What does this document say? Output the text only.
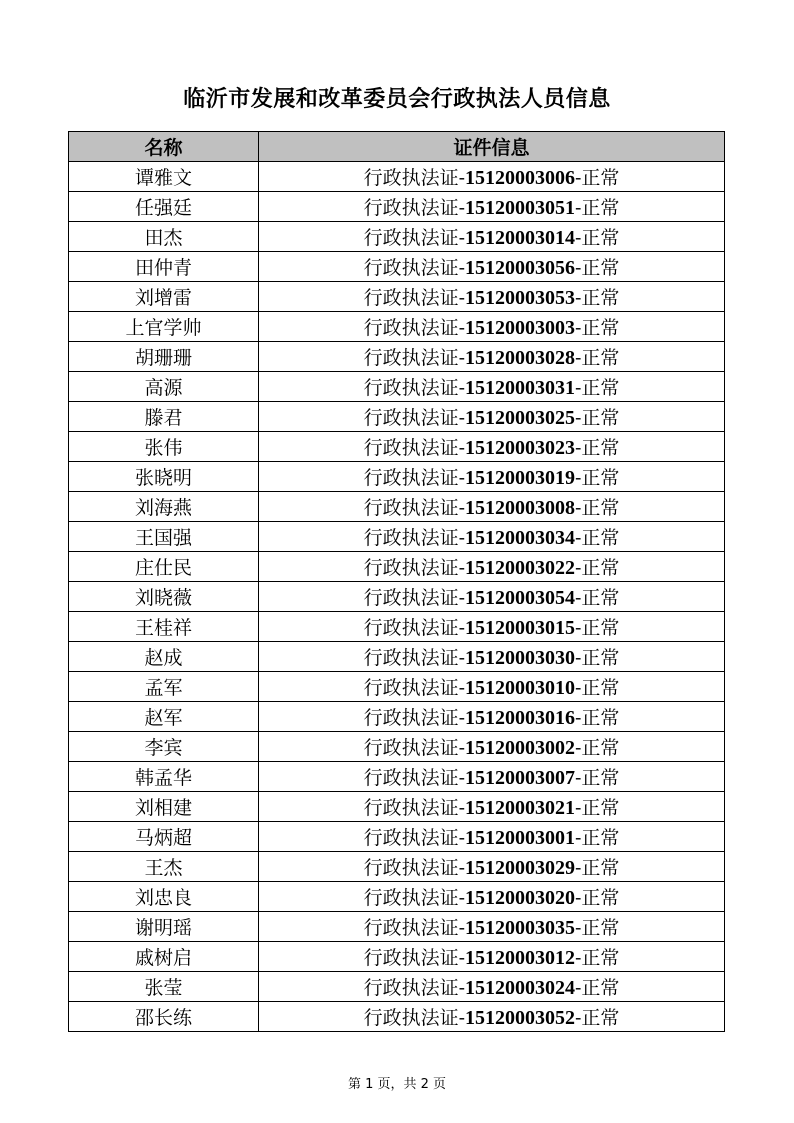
临沂市发展和改革委员会行政执法人员信息
名称	证件信息
谭雅文	行政执法证-15120003006-正常
任强廷	行政执法证-15120003051-正常
田杰	行政执法证-15120003014-正常
田仲青	行政执法证-15120003056-正常
刘增雷	行政执法证-15120003053-正常
上官学帅	行政执法证-15120003003-正常
胡珊珊	行政执法证-15120003028-正常
高源	行政执法证-15120003031-正常
滕君	行政执法证-15120003025-正常
张伟	行政执法证-15120003023-正常
张晓明	行政执法证-15120003019-正常
刘海燕	行政执法证-15120003008-正常
王国强	行政执法证-15120003034-正常
庄仕民	行政执法证-15120003022-正常
刘晓薇	行政执法证-15120003054-正常
王桂祥	行政执法证-15120003015-正常
赵成	行政执法证-15120003030-正常
孟军	行政执法证-15120003010-正常
赵军	行政执法证-15120003016-正常
李宾	行政执法证-15120003002-正常
韩孟华	行政执法证-15120003007-正常
刘相建	行政执法证-15120003021-正常
马炳超	行政执法证-15120003001-正常
王杰	行政执法证-15120003029-正常
刘忠良	行政执法证-15120003020-正常
谢明瑶	行政执法证-15120003035-正常
戚树启	行政执法证-15120003012-正常
张莹	行政执法证-15120003024-正常
邵长练	行政执法证-15120003052-正常
第 1 页，共 2 页
